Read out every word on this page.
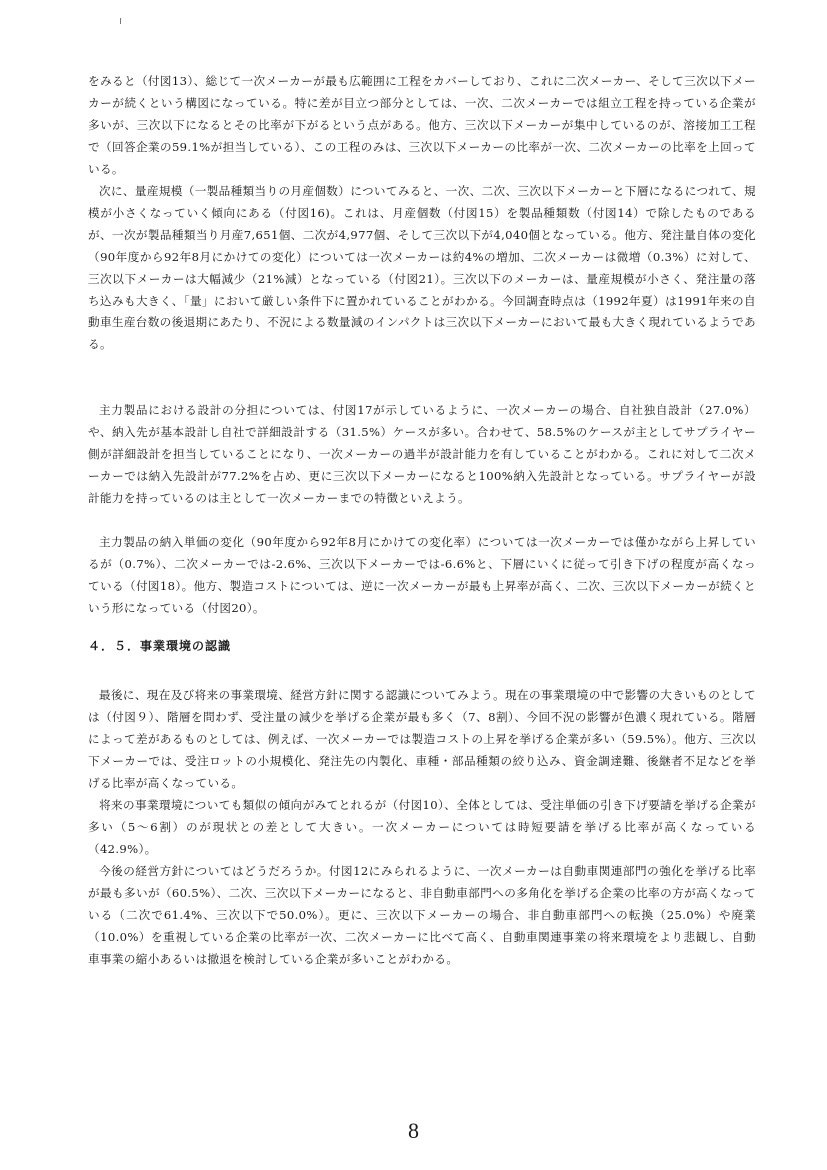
をみると（付図13）、総じて一次メーカーが最も広範囲に工程をカバーしており、これに二次メーカー、そして三次以下メーカーが続くという構図になっている。特に差が目立つ部分としては、一次、二次メーカーでは組立工程を持っている企業が多いが、三次以下になるとその比率が下がるという点がある。他方、三次以下メーカーが集中しているのが、溶接加工工程で（回答企業の59.1%が担当している）、この工程のみは、三次以下メーカーの比率が一次、二次メーカーの比率を上回っている。

次に、量産規模（一製品種類当りの月産個数）についてみると、一次、二次、三次以下メーカーと下層になるにつれて、規模が小さくなっていく傾向にある（付図16)。これは、月産個数（付図15）を製品種類数（付図14）で除したものであるが、一次が製品種類当り月産7,651個、二次が4,977個、そして三次以下が4,040個となっている。他方、発注量自体の変化（90年度から92年8月にかけての変化）については一次メーカーは約4%の増加、二次メーカーは微増（0.3%）に対して、三次以下メーカーは大幅減少（21%減）となっている（付図21）。三次以下のメーカーは、量産規模が小さく、発注量の落ち込みも大きく、「量」において厳しい条件下に置かれていることがわかる。今回調査時点は（1992年夏）は1991年来の自動車生産台数の後退期にあたり、不況による数量減のインパクトは三次以下メーカーにおいて最も大きく現れているようである。

主力製品における設計の分担については、付図17が示しているように、一次メーカーの場合、自社独自設計（27.0%）や、納入先が基本設計し自社で詳細設計する（31.5%）ケースが多い。合わせて、58.5%のケースが主としてサプライヤー側が詳細設計を担当していることになり、一次メーカーの過半が設計能力を有していることがわかる。これに対して二次メーカーでは納入先設計が77.2%を占め、更に三次以下メーカーになると100%納入先設計となっている。サプライヤーが設計能力を持っているのは主として一次メーカーまでの特徴といえよう。

主力製品の納入単価の変化（90年度から92年8月にかけての変化率）については一次メーカーでは僅かながら上昇しているが（0.7%）、二次メーカーでは-2.6%、三次以下メーカーでは-6.6%と、下層にいくに従って引き下げの程度が高くなっている（付図18）。他方、製造コストについては、逆に一次メーカーが最も上昇率が高く、二次、三次以下メーカーが続くという形になっている（付図20）。

４．５．事業環境の認識

最後に、現在及び将来の事業環境、経営方針に関する認識についてみよう。現在の事業環境の中で影響の大きいものとしては（付図９）、階層を問わず、受注量の減少を挙げる企業が最も多く（7、8割）、今回不況の影響が色濃く現れている。階層によって差があるものとしては、例えば、一次メーカーでは製造コストの上昇を挙げる企業が多い（59.5%）。他方、三次以下メーカーでは、受注ロットの小規模化、発注先の内製化、車種・部品種類の絞り込み、資金調達難、後継者不足などを挙げる比率が高くなっている。

将来の事業環境についても類似の傾向がみてとれるが（付図10）、全体としては、受注単価の引き下げ要請を挙げる企業が多い（5～6割）のが現状との差として大きい。一次メーカーについては時短要請を挙げる比率が高くなっている（42.9%）。

今後の経営方針についてはどうだろうか。付図12にみられるように、一次メーカーは自動車関連部門の強化を挙げる比率が最も多いが（60.5%）、二次、三次以下メーカーになると、非自動車部門への多角化を挙げる企業の比率の方が高くなっている（二次で61.4%、三次以下で50.0%）。更に、三次以下メーカーの場合、非自動車部門への転換（25.0%）や廃業（10.0%）を重視している企業の比率が一次、二次メーカーに比べて高く、自動車関連事業の将来環境をより悲観し、自動車事業の縮小あるいは撤退を検討している企業が多いことがわかる。

8
